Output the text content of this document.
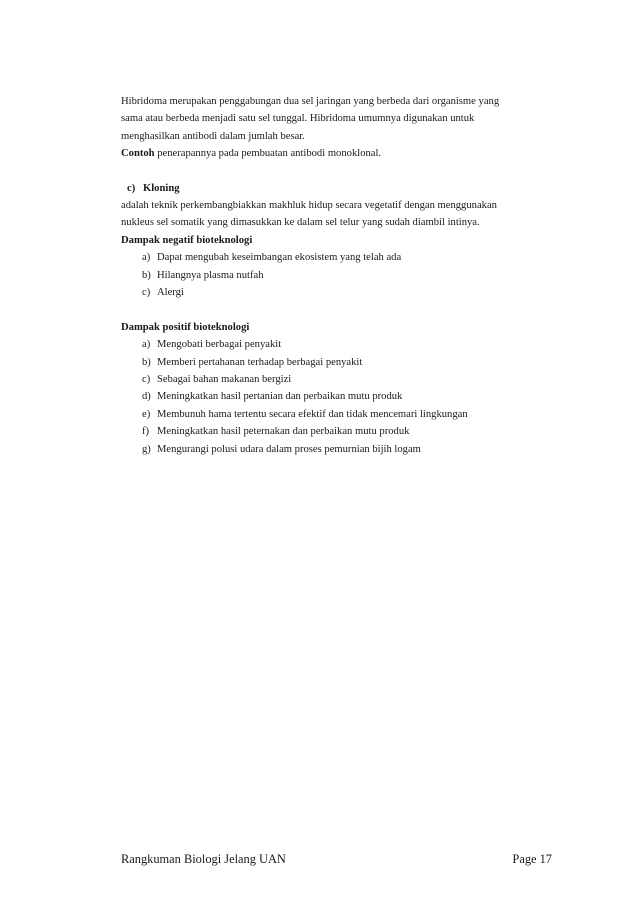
Hibridoma merupakan penggabungan dua sel jaringan yang berbeda dari organisme yang

sama atau berbeda menjadi satu sel tunggal. Hibridoma umumnya digunakan untuk

menghasilkan antibodi dalam jumlah besar.

Contoh penerapannya pada pembuatan antibodi monoklonal.

c) Kloning

adalah teknik perkembangbiakkan makhluk hidup secara vegetatif dengan menggunakan

nukleus sel somatik yang dimasukkan ke dalam sel telur yang sudah diambil intinya.

Dampak negatif bioteknologi

a) Dapat mengubah keseimbangan ekosistem yang telah ada
b) Hilangnya plasma nutfah
c) Alergi

Dampak positif bioteknologi

a) Mengobati berbagai penyakit
b) Memberi pertahanan terhadap berbagai penyakit
c) Sebagai bahan makanan bergizi
d) Meningkatkan hasil pertanian dan perbaikan mutu produk
e) Membunuh hama tertentu secara efektif dan tidak mencemari lingkungan
f) Meningkatkan hasil peternakan dan perbaikan mutu produk
g) Mengurangi polusi udara dalam proses pemurnian bijih logam
Rangkuman Biologi Jelang UAN	Page 17
